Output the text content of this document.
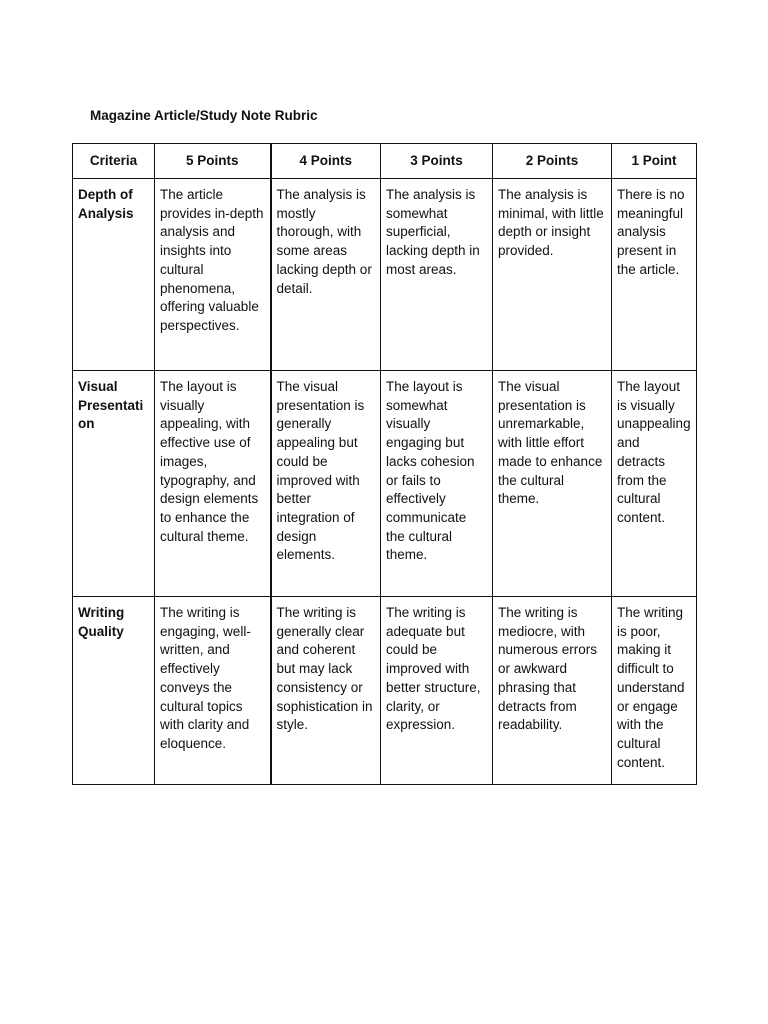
Magazine Article/Study Note Rubric
Criteria	5 Points	4 Points	3 Points	2 Points	1 Point
Depth of Analysis	The article provides in-depth analysis and insights into cultural phenomena, offering valuable perspectives.	The analysis is mostly thorough, with some areas lacking depth or detail.	The analysis is somewhat superficial, lacking depth in most areas.	The analysis is minimal, with little depth or insight provided.	There is no meaningful analysis present in the article.
Visual Presentation	The layout is visually appealing, with effective use of images, typography, and design elements to enhance the cultural theme.	The visual presentation is generally appealing but could be improved with better integration of design elements.	The layout is somewhat visually engaging but lacks cohesion or fails to effectively communicate the cultural theme.	The visual presentation is unremarkable, with little effort made to enhance the cultural theme.	The layout is visually unappealing and detracts from the cultural content.
Writing Quality	The writing is engaging, well-written, and effectively conveys the cultural topics with clarity and eloquence.	The writing is generally clear and coherent but may lack consistency or sophistication in style.	The writing is adequate but could be improved with better structure, clarity, or expression.	The writing is mediocre, with numerous errors or awkward phrasing that detracts from readability.	The writing is poor, making it difficult to understand or engage with the cultural content.
